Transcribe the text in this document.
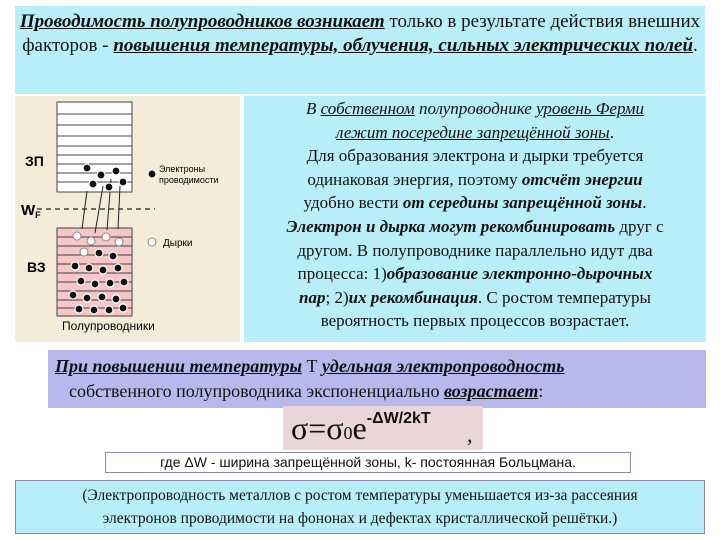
Проводимость полупроводников возникает только в результате действия внешних факторов - повышения температуры, облучения, сильных электрических полей.
ЗП
$W_F$
ВЗ
Электроны
проводимости
Дырки
Полупроводники
В собственном полупроводнике уровень Ферми
лежит посередине запрещённой зоны.
Для образования электрона и дырки требуется
одинаковая энергия, поэтому отсчёт энергии
удобно вести от середины запрещённой зоны.
Электрон и дырка могут рекомбинировать друг с
другом. В полупроводнике параллельно идут два
процесса: 1)образование электронно-дырочных
пар; 2)их рекомбинация. С ростом температуры
вероятность первых процессов возрастает.
При повышении температуры Т удельная электропроводность
собственного полупроводника экспоненциально возрастает:
$\sigma=\sigma 0e^{-\Delta W/2kT}$
,
где ΔW - ширина запрещённой зоны, k- постоянная Больцмана.
(Электропроводность металлов с ростом температуры уменьшается из-за рассеяния
электронов проводимости на фононах и дефектах кристаллической решётки.)
